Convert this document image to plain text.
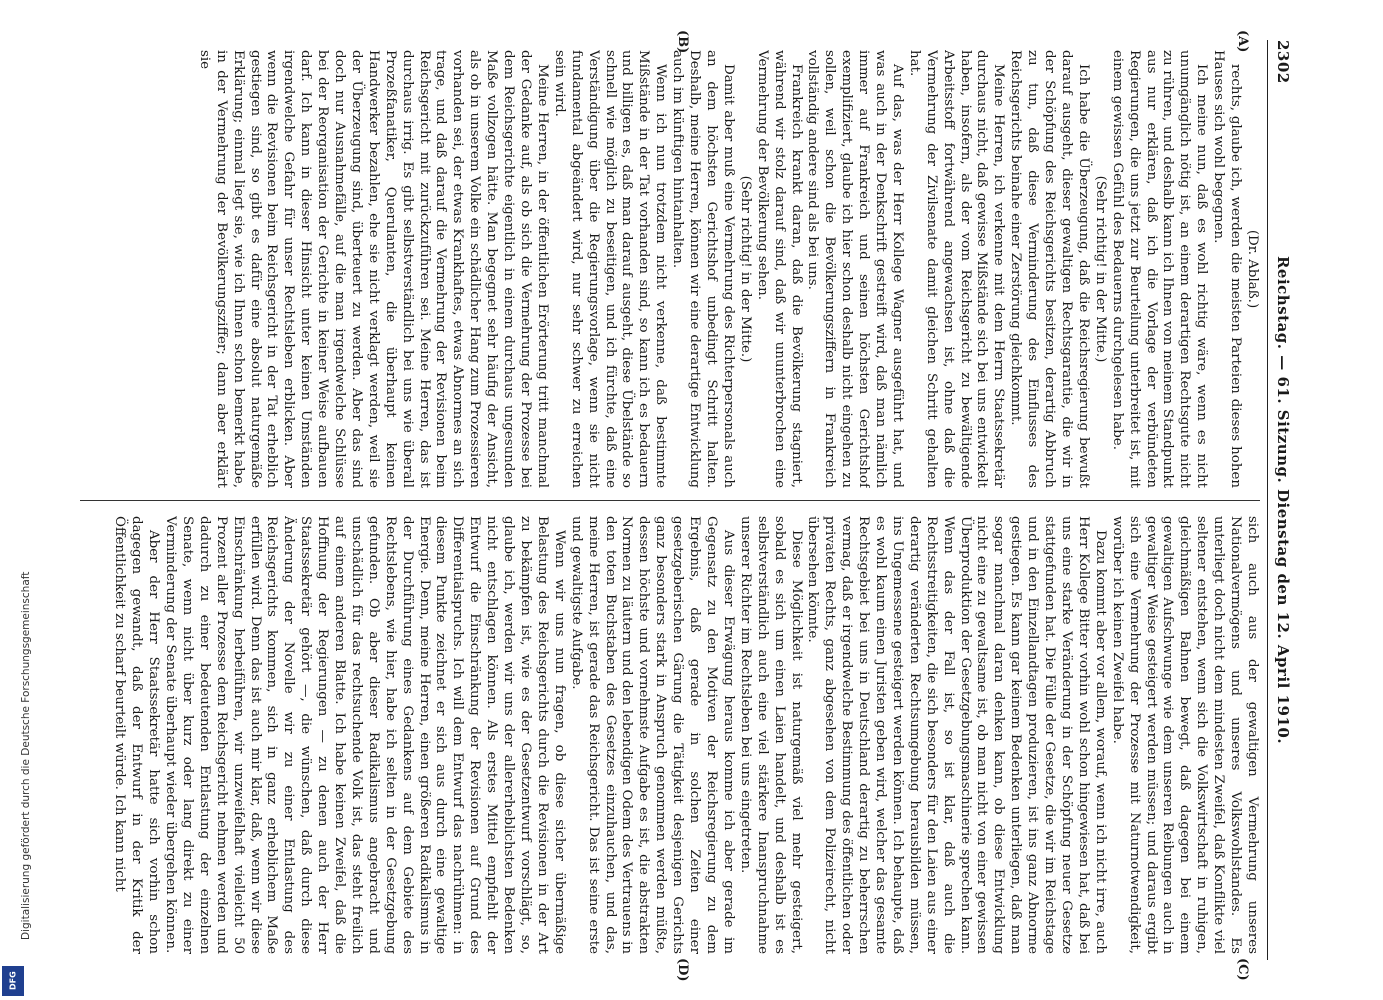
2302
Reichstag. — 61. Sitzung. Dienstag den 12. April 1910.
(A)
(B)
(C)
(D)

(Dr. Ablaß.)

rechts, glaube ich, werden die meisten Parteien dieses hohen Hauses sich wohl begegnen.

Ich meine nun, daß es wohl richtig wäre, wenn es nicht unumgänglich nötig ist, an einem derartigen Rechtsgute nicht zu rühren, und deshalb kann ich Ihnen von meinem Standpunkt aus nur erklären, daß ich die Vorlage der verbündeten Regierungen, die uns jetzt zur Beurteilung unterbreitet ist, mit einem gewissen Gefühl des Bedauerns durchgelesen habe.

(Sehr richtig! in der Mitte.)

Ich habe die Überzeugung, daß die Reichsregierung bewußt darauf ausgeht, dieser gewaltigen Rechtsgarantie, die wir in der Schöpfung des Reichsgerichts besitzen, derartig Abbruch zu tun, daß diese Verminderung des Einflusses des Reichsgerichts beinahe einer Zerstörung gleichkommt.

Meine Herren, ich verkenne mit dem Herrn Staatssekretär durchaus nicht, daß gewisse Mißstände sich bei uns entwickelt haben, insofern, als der vom Reichsgericht zu bewältigende Arbeitsstoff fortwährend angewachsen ist, ohne daß die Vermehrung der Zivilsenate damit gleichen Schritt gehalten hat.

Auf das, was der Herr Kollege Wagner ausgeführt hat, und was auch in der Denkschrift gestreift wird, daß man nämlich immer auf Frankreich und seinen höchsten Gerichtshof exemplifiziert, glaube ich hier schon deshalb nicht eingehen zu sollen, weil schon die Bevölkerungsziffern in Frankreich vollständig andere sind als bei uns.

Frankreich krankt daran, daß die Bevölkerung stagniert, während wir stolz darauf sind, daß wir ununterbrochen eine Vermehrung der Bevölkerung sehen.

(Sehr richtig! in der Mitte.)

Damit aber muß eine Vermehrung des Richterpersonals auch an dem höchsten Gerichtshof unbedingt Schritt halten. Deshalb, meine Herren, können wir eine derartige Entwicklung auch im künftigen hintanhalten.

Wenn ich nun trotzdem nicht verkenne, daß bestimmte Mißstände in der Tat vorhanden sind, so kann ich es bedauern und billigen es, daß man darauf ausgeht, diese Übelstände so schnell wie möglich zu beseitigen, und ich fürchte, daß eine Verständigung über die Regierungsvorlage, wenn sie nicht fundamental abgeändert wird, nur sehr schwer zu erreichen sein wird.

Meine Herren, in der öffentlichen Erörterung tritt manchmal der Gedanke auf, als ob sich die Vermehrung der Prozesse bei dem Reichsgerichte eigentlich in einem durchaus ungesunden Maße vollzogen hätte. Man begegnet sehr häufig der Ansicht, als ob in unserem Volke ein schädlicher Hang zum Prozessieren vorhanden sei, der etwas Krankhaftes, etwas Abnormes an sich trage, und daß darauf die Vermehrung der Revisionen beim Reichsgericht mit zurückzuführen sei. Meine Herren, das ist durchaus irrig. Es gibt selbstverständlich bei uns wie überall Prozeßfanatiker, Querulanten, die überhaupt keinen Handwerker bezahlen, ehe sie nicht verklagt werden, weil sie der Überzeugung sind, überteuert zu werden. Aber das sind doch nur Ausnahmefälle, auf die man irgendwelche Schlüsse bei der Reorganisation der Gerichte in keiner Weise aufbauen darf. Ich kann in dieser Hinsicht unter keinen Umständen irgendwelche Gefahr für unser Rechtsleben erblicken. Aber wenn die Revisionen beim Reichsgericht in der Tat erheblich gestiegen sind, so gibt es dafür eine absolut naturgemäße Erklärung; einmal liegt sie, wie ich Ihnen schon bemerkt habe, in der Vermehrung der Bevölkerungsziffer; dann aber erklärt sie

sich auch aus der gewaltigen Vermehrung unseres Nationalvermögens und unseres Volkswohlstandes. Es unterliegt doch nicht dem mindesten Zweifel, daß Konflikte viel seltener entstehen, wenn sich die Volkswirtschaft in ruhigen, gleichmäßigen Bahnen bewegt, daß dagegen bei einem gewaltigen Aufschwunge wie dem unseren Reibungen auch in gewaltiger Weise gesteigert werden müssen; und daraus ergibt sich eine Vermehrung der Prozesse mit Naturnotwendigkeit, worüber ich keinen Zweifel habe.

Dazu kommt aber vor allem, worauf, wenn ich nicht irre, auch Herr Kollege Bitter vorhin wohl schon hingewiesen hat, daß bei uns eine starke Veränderung in der Schöpfung neuer Gesetze stattgefunden hat. Die Fülle der Gesetze, die wir im Reichstage und in den Einzellandtagen produzieren, ist ins ganz Abnorme gestiegen. Es kann gar keinem Bedenken unterliegen, daß man sogar manchmal daran denken kann, ob diese Entwicklung nicht eine zu gewaltsame ist, ob man nicht von einer gewissen Überproduktion der Gesetzgebungsmaschinerie sprechen kann. Wenn das der Fall ist, so ist klar, daß auch die Rechtsstreitigkeiten, die sich besonders für den Laien aus einer derartig veränderten Rechtsumgebung herausbilden müssen, ins Ungemessene gesteigert werden können. Ich behaupte, daß es wohl kaum einen Juristen geben wird, welcher das gesamte Rechtsgebiet bei uns in Deutschland derartig zu beherrschen vermag, daß er irgendwelche Bestimmung des öffentlichen oder privaten Rechts, ganz abgesehen von dem Polizeirecht, nicht übersehen könnte.

Diese Möglichkeit ist naturgemäß viel mehr gesteigert, sobald es sich um einen Laien handelt, und deshalb ist es selbstverständlich auch eine viel stärkere Inanspruchnahme unserer Richter im Rechtsleben bei uns eingetreten.

Aus dieser Erwägung heraus komme ich aber gerade im Gegensatz zu den Motiven der Reichsregierung zu dem Ergebnis, daß gerade in solchen Zeiten einer gesetzgeberischen Gärung die Tätigkeit desjenigen Gerichts ganz besonders stark in Anspruch genommen werden müßte, dessen höchste und vornehmste Aufgabe es ist, die abstrakten Normen zu läutern und den lebendigen Odem des Vertrauens in den toten Buchstaben des Gesetzes einzuhauchen, und das, meine Herren, ist gerade das Reichsgericht. Das ist seine erste und gewaltigste Aufgabe.

Wenn wir uns nun fragen, ob diese sicher übermäßige Belastung des Reichsgerichts durch die Revisionen in der Art zu bekämpfen ist, wie es der Gesetzentwurf vorschlägt, so, glaube ich, werden wir uns der allererheblichsten Bedenken nicht entschlagen können. Als erstes Mittel empfiehlt der Entwurf die Einschränkung der Revisionen auf Grund des Differentialspruchs. Ich will dem Entwurf das nachrühmen: in diesem Punkte zeichnet er sich aus durch eine gewaltige Energie. Denn, meine Herren, einen größeren Radikalismus in der Durchführung eines Gedankens auf dem Gebiete des Rechtslebens, wie hier, habe ich selten in der Gesetzgebung gefunden. Ob aber dieser Radikalismus angebracht und unschädlich für das rechtsuchende Volk ist, das steht freilich auf einem anderen Blatte. Ich habe keinen Zweifel, daß die Hoffnung der Regierungen — zu denen auch der Herr Staatssekretär gehört —, die wünschen, daß durch diese Änderung der Novelle wir zu einer Entlastung des Reichsgerichts kommen, sich in ganz erheblichem Maße erfüllen wird. Denn das ist auch mir klar, daß, wenn wir diese Einschränkung herbeiführen, wir unzweifelhaft vielleicht 50 Prozent aller Prozesse dem Reichsgericht nehmen werden und dadurch zu einer bedeutenden Entlastung der einzelnen Senate, wenn nicht über kurz oder lang direkt zu einer Verminderung der Senate überhaupt wieder übergehen können.

Aber der Herr Staatssekretär hatte sich vorhin schon dagegen gewandt, daß der Entwurf in der Kritik der Öffentlichkeit zu scharf beurteilt würde. Ich kann nicht

Digitalisierung gefördert durch die Deutsche Forschungsgemeinschaft
DFG
